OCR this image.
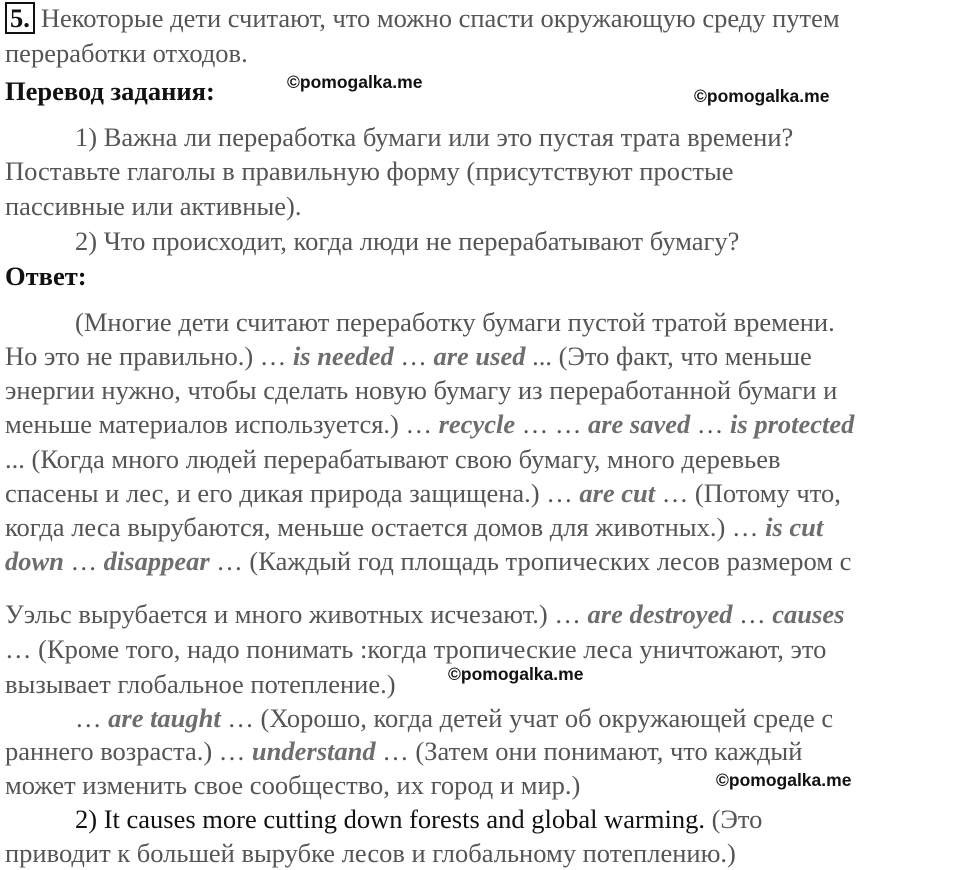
5. Некоторые дети считают, что можно спасти окружающую среду путем
переработки отходов.
Перевод задания:	©pomogalka.me
©pomogalka.me
1) Важна ли переработка бумаги или это пустая трата времени?
Поставьте глаголы в правильную форму (присутствуют простые
пассивные или активные).
2) Что происходит, когда люди не перерабатывают бумагу?
Ответ:
(Многие дети считают переработку бумаги пустой тратой времени.
Но это не правильно.) … is needed … are used ... (Это факт, что меньше
энергии нужно, чтобы сделать новую бумагу из переработанной бумаги и
меньше материалов используется.) … recycle … … are saved … is protected
... (Когда много людей перерабатывают свою бумагу, много деревьев
спасены и лес, и его дикая природа защищена.) … are cut … (Потому что,
когда леса вырубаются, меньше остается домов для животных.) … is cut
down … disappear … (Каждый год площадь тропических лесов размером с
Уэльс вырубается и много животных исчезают.) … are destroyed … causes
… (Кроме того, надо понимать :когда тропические леса уничтожают, это
вызывает глобальное потепление.)	©pomogalka.me
… are taught … (Хорошо, когда детей учат об окружающей среде с
раннего возраста.) … understand … (Затем они понимают, что каждый
может изменить свое сообщество, их город и мир.)	©pomogalka.me
2) It causes more cutting down forests and global warming. (Это
приводит к большей вырубке лесов и глобальному потеплению.)
